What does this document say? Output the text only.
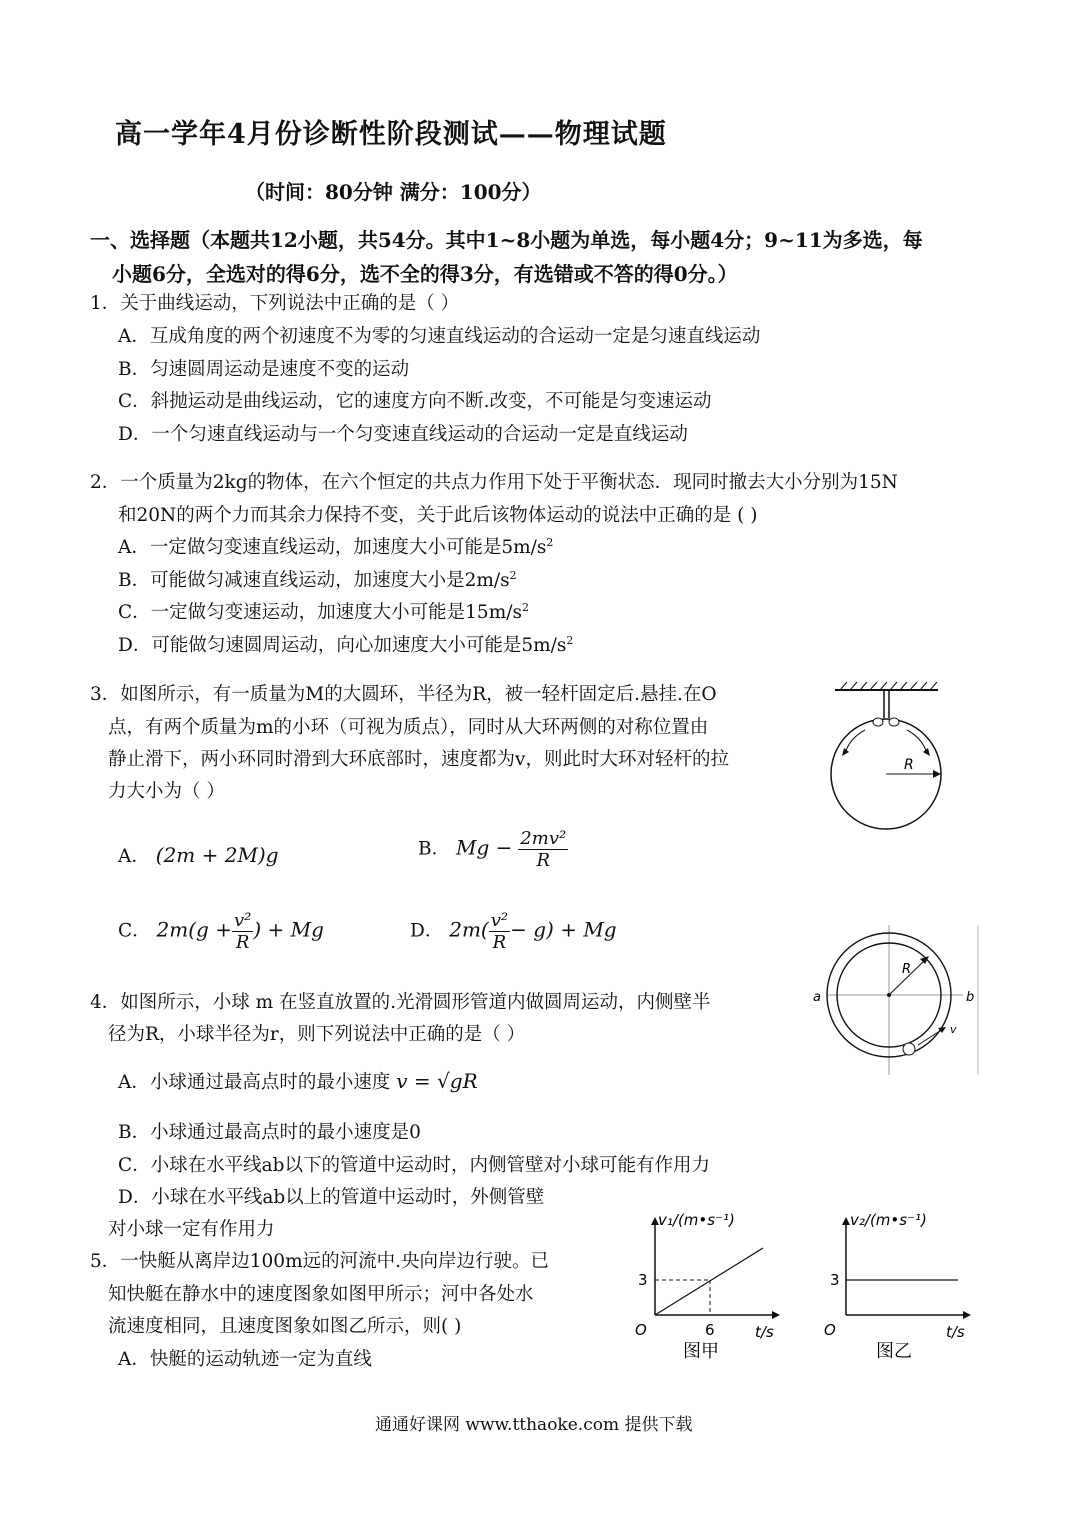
高一学年4月份诊断性阶段测试——物理试题
（时间：80分钟 满分：100分）
一、选择题（本题共12小题，共54分。其中1~8小题为单选，每小题4分；9~11为多选，每
小题6分，全选对的得6分，选不全的得3分，有选错或不答的得0分。）
1．关于曲线运动，下列说法中正确的是（ ）
A．互成角度的两个初速度不为零的匀速直线运动的合运动一定是匀速直线运动
B．匀速圆周运动是速度不变的运动
C．斜抛运动是曲线运动，它的速度方向不断.改变，不可能是匀变速运动
D．一个匀速直线运动与一个匀变速直线运动的合运动一定是直线运动
2．一个质量为2kg的物体，在六个恒定的共点力作用下处于平衡状态．现同时撤去大小分别为15N
和20N的两个力而其余力保持不变，关于此后该物体运动的说法中正确的是 ( )
A．一定做匀变速直线运动，加速度大小可能是$5m/s^2$
B．可能做匀减速直线运动，加速度大小是$2m/s^2$
C．一定做匀变速运动，加速度大小可能是$15m/s^2$
D．可能做匀速圆周运动，向心加速度大小可能是$5m/s^2$
3．如图所示，有一质量为M的大圆环，半径为R，被一轻杆固定后.悬挂.在O
点，有两个质量为m的小环（可视为质点），同时从大环两侧的对称位置由
静止滑下，两小环同时滑到大环底部时，速度都为v，则此时大环对轻杆的拉
力大小为（ ）
A． (2m + 2M)g	B． $Mg - \frac{\text{2mv²}}{R}$
C． $2m(g + \frac{\text{v²}}{R}$ ) + Mg	D． $2m( \frac{\text{v²}}{R} - g) + Mg$
R
4．如图所示，小球 m 在竖直放置的.光滑圆形管道内做圆周运动，内侧壁半
径为R，小球半径为r，则下列说法中正确的是（ ）
A．小球通过最高点时的最小速度 v = √gR
B．小球通过最高点时的最小速度是0
C．小球在水平线ab以下的管道中运动时，内侧管壁对小球可能有作用力
D．小球在水平线ab以上的管道中运动时，外侧管壁
对小球一定有作用力
R
a	b
v
5．一快艇从离岸边100m远的河流中.央向岸边行驶。已
知快艇在静水中的速度图象如图甲所示；河中各处水
流速度相同，且速度图象如图乙所示，则( )
A．快艇的运动轨迹一定为直线
v₁/(m•s⁻¹)
t/s
O
3
6
图甲
v₂/(m•s⁻¹)
t/s
O
3
图乙
通通好课网 www.tthaoke.com 提供下载
